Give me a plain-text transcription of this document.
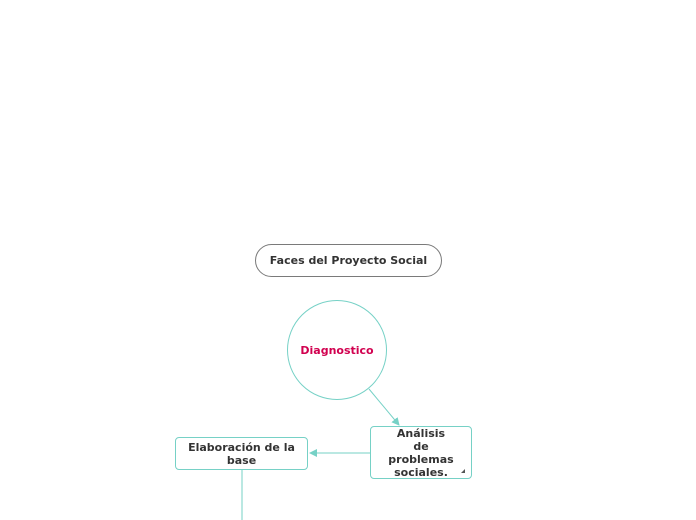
Faces del Proyecto Social
Diagnostico
Análisis de problemas sociales.
Elaboración de la base
